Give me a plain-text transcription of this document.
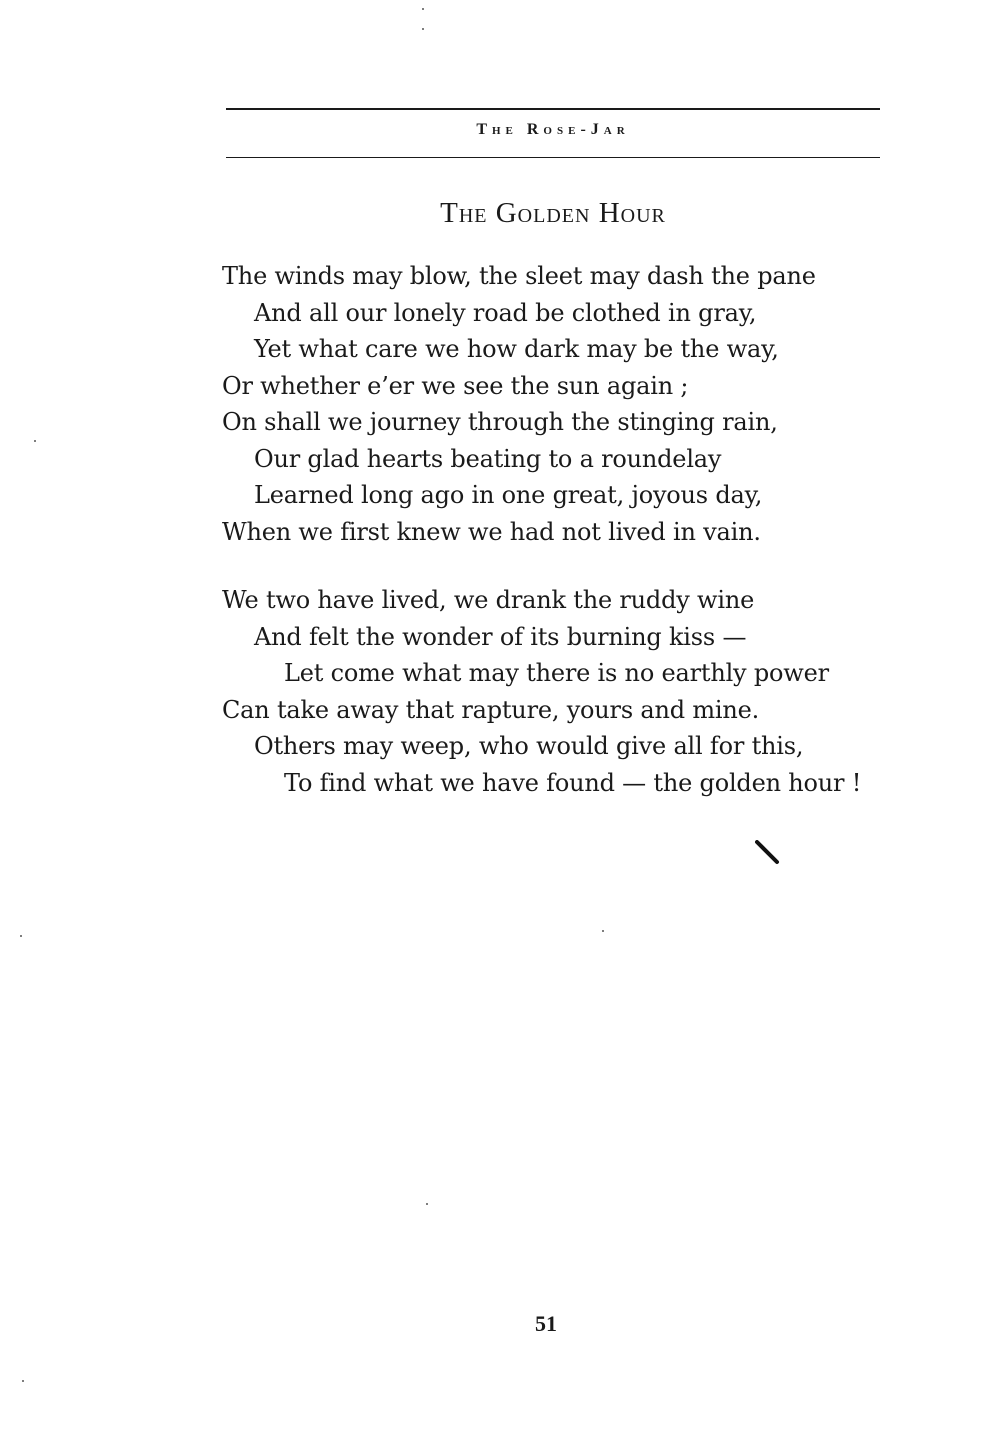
The Rose-Jar
The Golden Hour
The winds may blow, the sleet may dash the pane
And all our lonely road be clothed in gray,
Yet what care we how dark may be the way,
Or whether e’er we see the sun again ;
On shall we journey through the stinging rain,
Our glad hearts beating to a roundelay
Learned long ago in one great, joyous day,
When we first knew we had not lived in vain.
We two have lived, we drank the ruddy wine
And felt the wonder of its burning kiss —
Let come what may there is no earthly power
Can take away that rapture, yours and mine.
Others may weep, who would give all for this,
To find what we have found — the golden hour !
51
